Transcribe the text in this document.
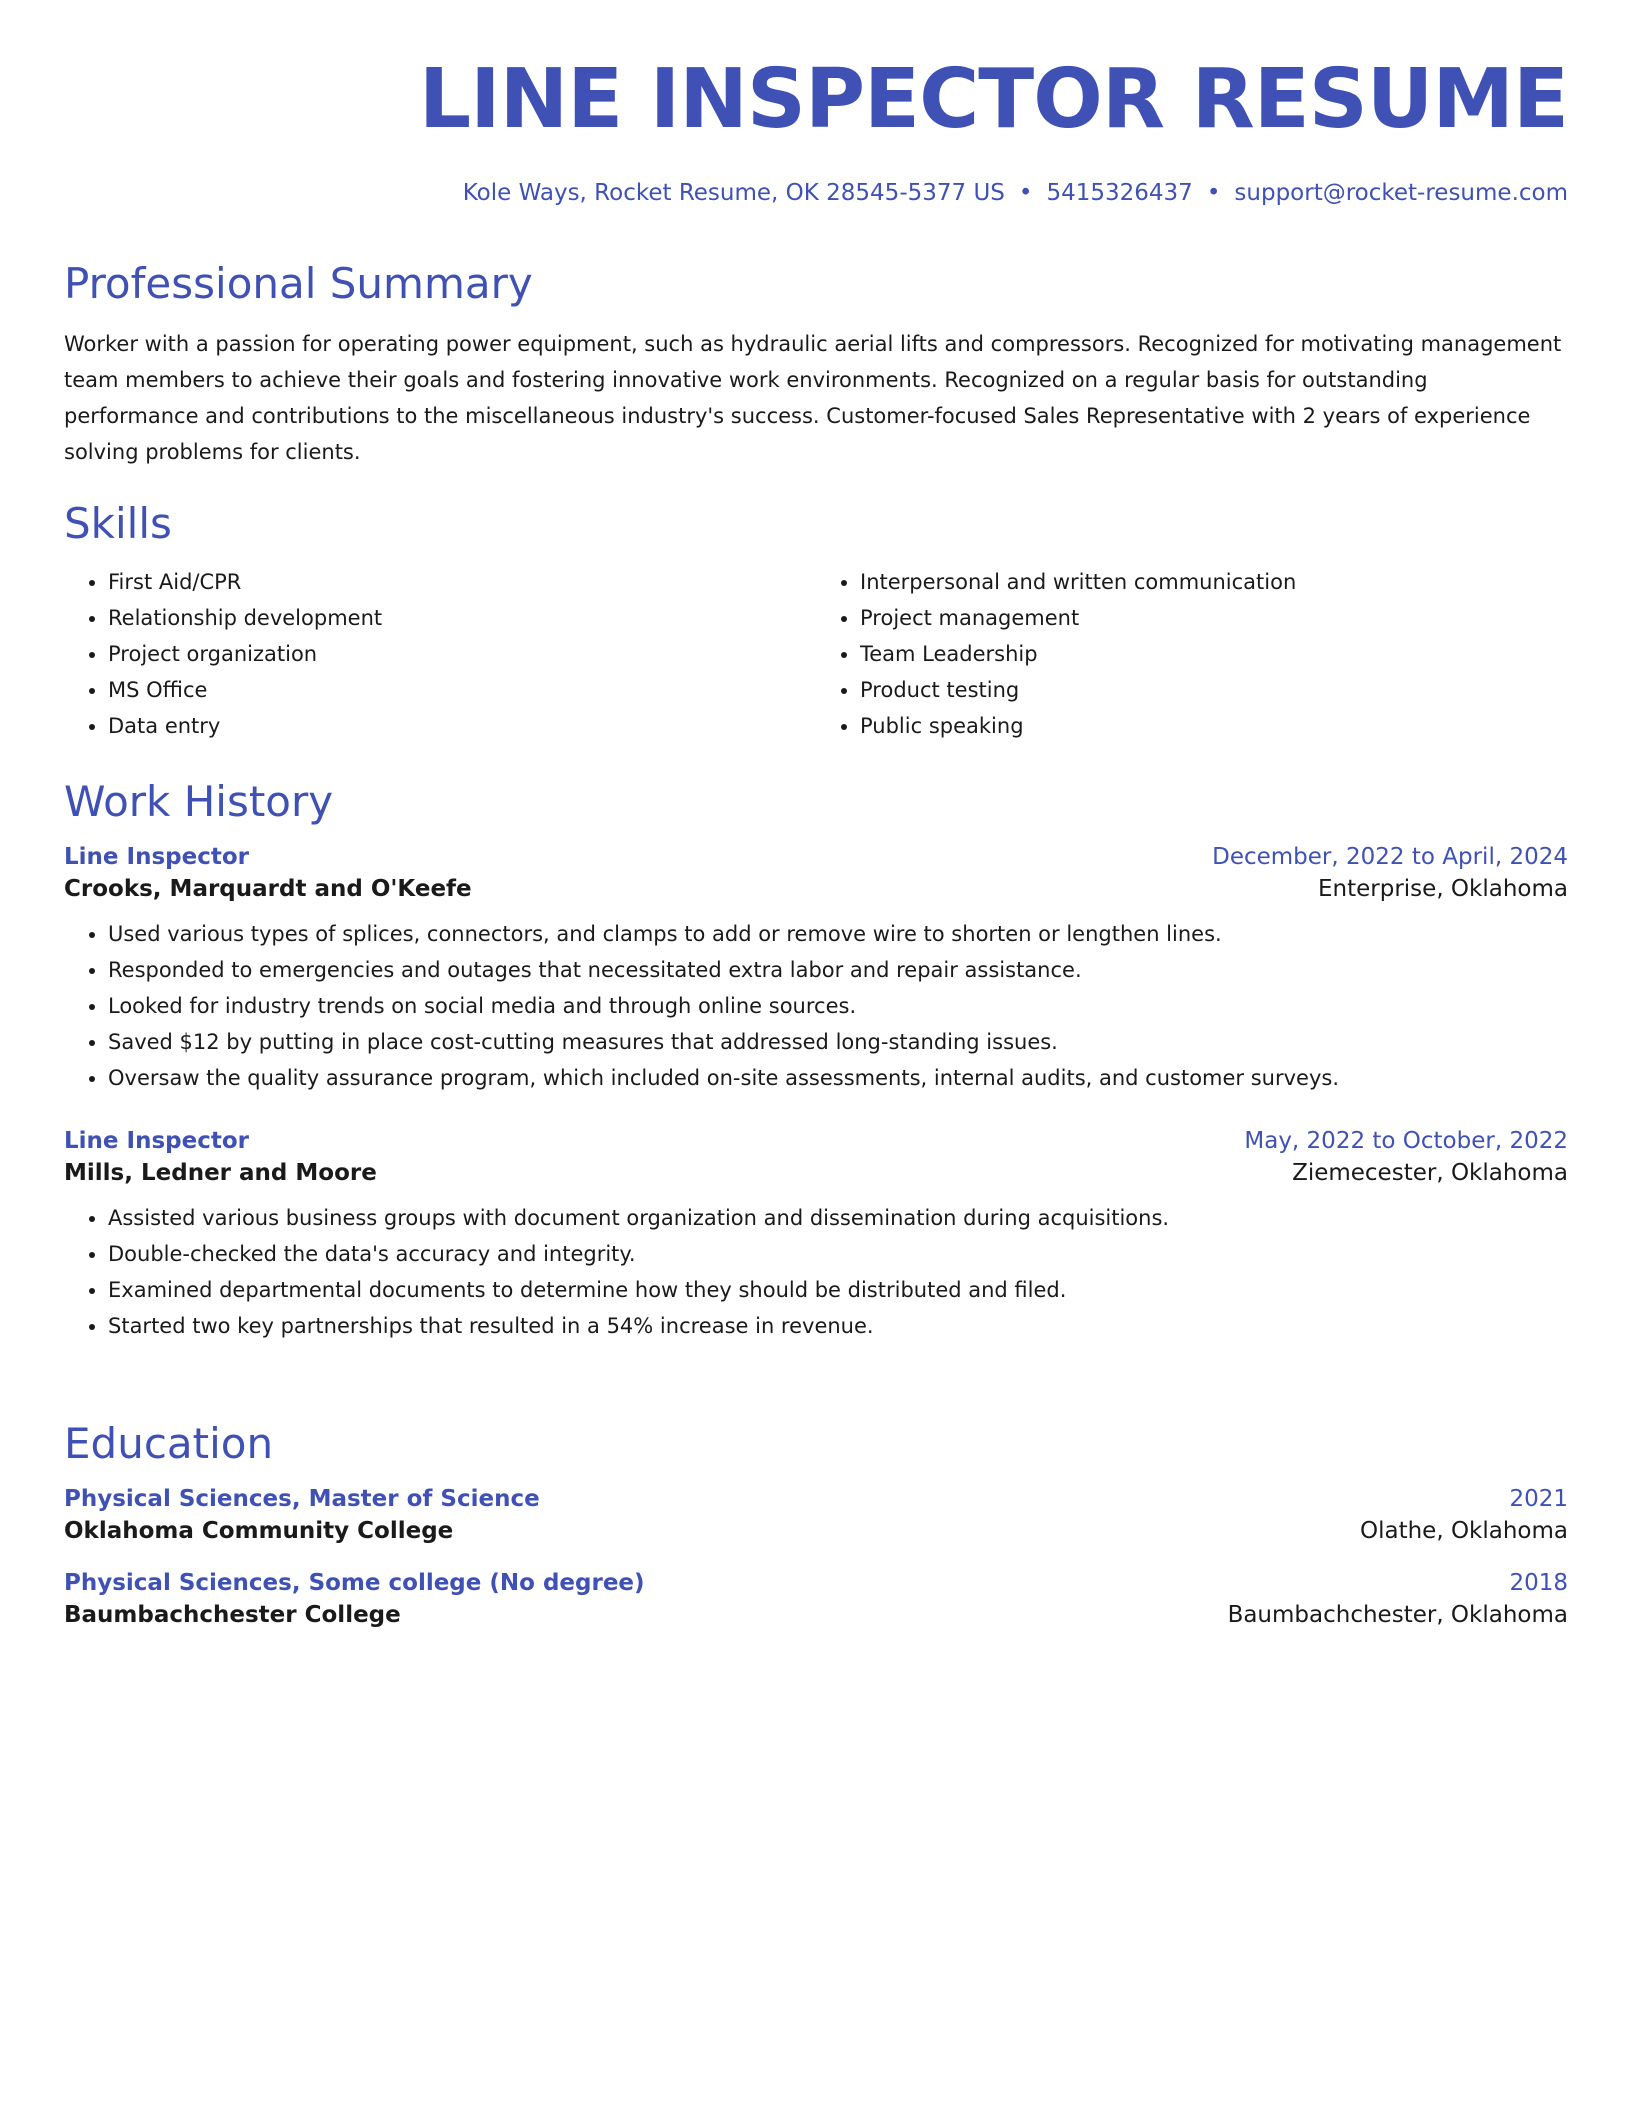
LINE INSPECTOR RESUME
Kole Ways, Rocket Resume, OK 28545-5377 US • 5415326437 • support@rocket-resume.com
Professional Summary

Worker with a passion for operating power equipment, such as hydraulic aerial lifts and compressors. Recognized for motivating management team members to achieve their goals and fostering innovative work environments. Recognized on a regular basis for outstanding performance and contributions to the miscellaneous industry's success. Customer-focused Sales Representative with 2 years of experience solving problems for clients.

Skills
• First Aid/CPR
• Relationship development
• Project organization
• MS Office
• Data entry
• Interpersonal and written communication
• Project management
• Team Leadership
• Product testing
• Public speaking
Work History
Line Inspector	December, 2022 to April, 2024
Crooks, Marquardt and O'Keefe	Enterprise, Oklahoma
• Used various types of splices, connectors, and clamps to add or remove wire to shorten or lengthen lines.
• Responded to emergencies and outages that necessitated extra labor and repair assistance.
• Looked for industry trends on social media and through online sources.
• Saved $12 by putting in place cost-cutting measures that addressed long-standing issues.
• Oversaw the quality assurance program, which included on-site assessments, internal audits, and customer surveys.
Line Inspector	May, 2022 to October, 2022
Mills, Ledner and Moore	Ziemecester, Oklahoma
• Assisted various business groups with document organization and dissemination during acquisitions.
• Double-checked the data's accuracy and integrity.
• Examined departmental documents to determine how they should be distributed and filed.
• Started two key partnerships that resulted in a 54% increase in revenue.
Education
Physical Sciences, Master of Science	2021
Oklahoma Community College	Olathe, Oklahoma
Physical Sciences, Some college (No degree)	2018
Baumbachchester College	Baumbachchester, Oklahoma
